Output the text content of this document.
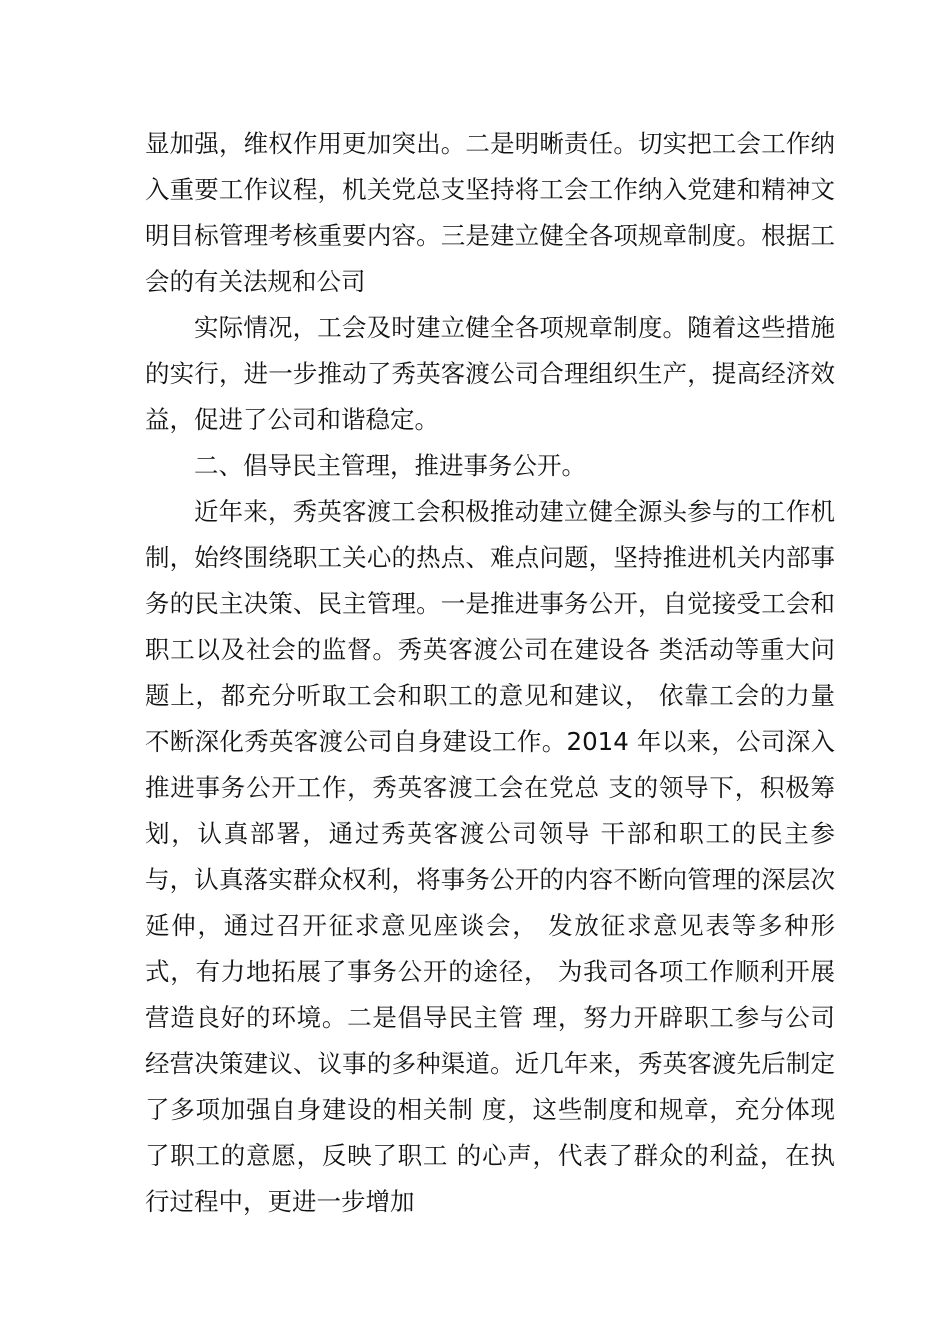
显加强，维权作用更加突出。二是明晰责任。切实把工会工作纳入重要工作议程，机关党总支坚持将工会工作纳入党建和精神文明目标管理考核重要内容。三是建立健全各项规章制度。根据工会的有关法规和公司

实际情况，工会及时建立健全各项规章制度。随着这些措施的实行，进一步推动了秀英客渡公司合理组织生产，提高经济效益，促进了公司和谐稳定。

二、倡导民主管理，推进事务公开。

近年来，秀英客渡工会积极推动建立健全源头参与的工作机制，始终围绕职工关心的热点、难点问题，坚持推进机关内部事务的民主决策、民主管理。一是推进事务公开，自觉接受工会和职工以及社会的监督。秀英客渡公司在建设各 类活动等重大问题上，都充分听取工会和职工的意见和建议， 依靠工会的力量不断深化秀英客渡公司自身建设工作。2014 年以来，公司深入推进事务公开工作，秀英客渡工会在党总 支的领导下，积极筹划，认真部署，通过秀英客渡公司领导 干部和职工的民主参与，认真落实群众权利，将事务公开的内容不断向管理的深层次延伸，通过召开征求意见座谈会， 发放征求意见表等多种形式，有力地拓展了事务公开的途径， 为我司各项工作顺利开展营造良好的环境。二是倡导民主管 理，努力开辟职工参与公司经营决策建议、议事的多种渠道。近几年来，秀英客渡先后制定了多项加强自身建设的相关制 度，这些制度和规章，充分体现了职工的意愿，反映了职工 的心声，代表了群众的利益，在执行过程中，更进一步增加
